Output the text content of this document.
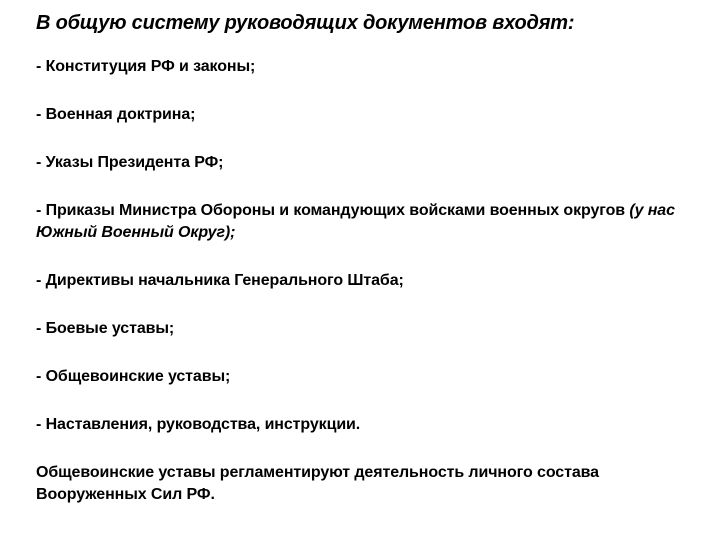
В общую систему руководящих документов входят:
- Конституция РФ и законы;
- Военная доктрина;
- Указы Президента РФ;
- Приказы Министра Обороны и командующих войсками военных округов (у нас Южный Военный Округ);
- Директивы начальника Генерального Штаба;
- Боевые уставы;
- Общевоинские уставы;
- Наставления, руководства, инструкции.

Общевоинские уставы регламентируют деятельность личного состава Вооруженных Сил РФ.
